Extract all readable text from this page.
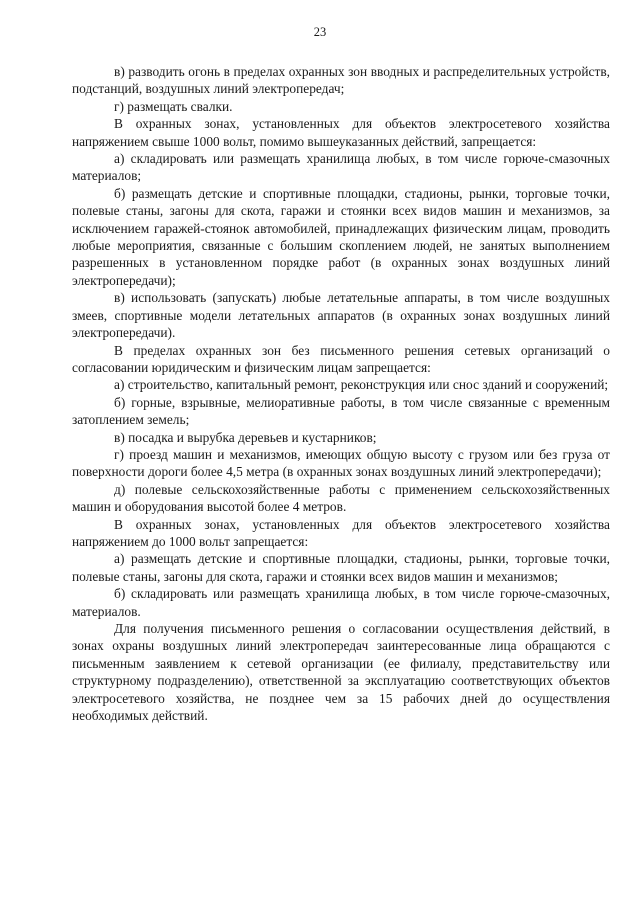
23

в) разводить огонь в пределах охранных зон вводных и распределительных устройств, подстанций, воздушных линий электропередач;

г) размещать свалки.

В охранных зонах, установленных для объектов электросетевого хозяйства напряжением свыше 1000 вольт, помимо вышеуказанных действий, запрещается:

а) складировать или размещать хранилища любых, в том числе горюче-смазочных материалов;

б) размещать детские и спортивные площадки, стадионы, рынки, торговые точки, полевые станы, загоны для скота, гаражи и стоянки всех видов машин и механизмов, за исключением гаражей-стоянок автомобилей, принадлежащих физическим лицам, проводить любые мероприятия, связанные с большим скоплением людей, не занятых выполнением разрешенных в установленном порядке работ (в охранных зонах воздушных линий электропередачи);

в) использовать (запускать) любые летательные аппараты, в том числе воздушных змеев, спортивные модели летательных аппаратов (в охранных зонах воздушных линий электропередачи).

В пределах охранных зон без письменного решения сетевых организаций о согласовании юридическим и физическим лицам запрещается:

а) строительство, капитальный ремонт, реконструкция или снос зданий и сооружений;

б) горные, взрывные, мелиоративные работы, в том числе связанные с временным затоплением земель;

в) посадка и вырубка деревьев и кустарников;

г) проезд машин и механизмов, имеющих общую высоту с грузом или без груза от поверхности дороги более 4,5 метра (в охранных зонах воздушных линий электропередачи);

д) полевые сельскохозяйственные работы с применением сельскохозяйственных машин и оборудования высотой более 4 метров.

В охранных зонах, установленных для объектов электросетевого хозяйства напряжением до 1000 вольт запрещается:

а) размещать детские и спортивные площадки, стадионы, рынки, торговые точки, полевые станы, загоны для скота, гаражи и стоянки всех видов машин и механизмов;

б) складировать или размещать хранилища любых, в том числе горюче-смазочных, материалов.

Для получения письменного решения о согласовании осуществления действий, в зонах охраны воздушных линий электропередач заинтересованные лица обращаются с письменным заявлением к сетевой организации (ее филиалу, представительству или структурному подразделению), ответственной за эксплуатацию соответствующих объектов электросетевого хозяйства, не позднее чем за 15 рабочих дней до осуществления необходимых действий.
